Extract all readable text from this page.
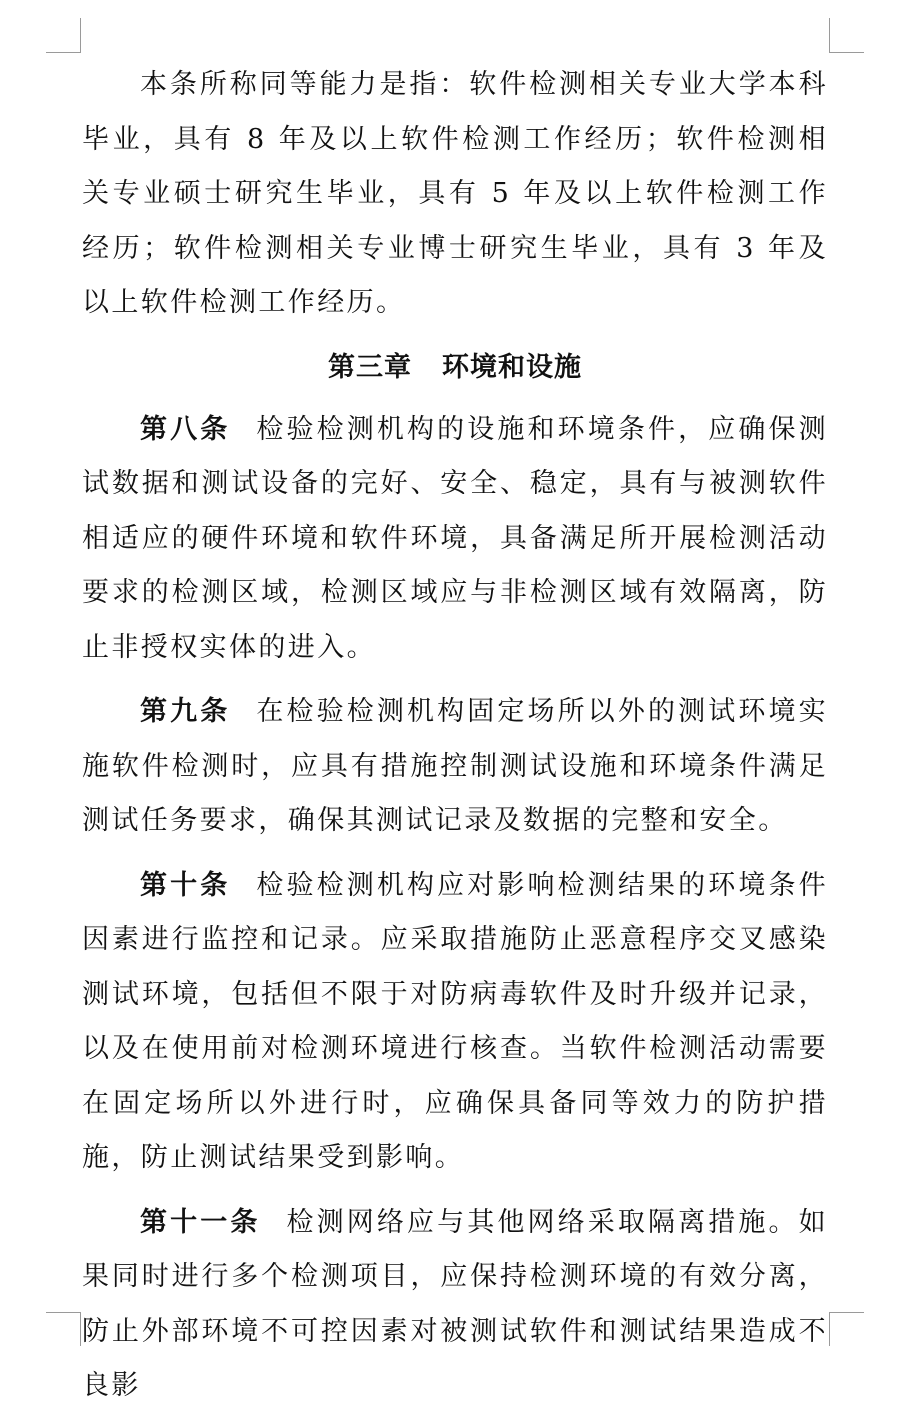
本条所称同等能力是指：软件检测相关专业大学本科毕业，具有 8 年及以上软件检测工作经历；软件检测相关专业硕士研究生毕业，具有 5 年及以上软件检测工作经历；软件检测相关专业博士研究生毕业，具有 3 年及以上软件检测工作经历。

第三章 环境和设施

第八条 检验检测机构的设施和环境条件，应确保测试数据和测试设备的完好、安全、稳定，具有与被测软件相适应的硬件环境和软件环境，具备满足所开展检测活动要求的检测区域，检测区域应与非检测区域有效隔离，防止非授权实体的进入。

第九条 在检验检测机构固定场所以外的测试环境实施软件检测时，应具有措施控制测试设施和环境条件满足测试任务要求，确保其测试记录及数据的完整和安全。

第十条 检验检测机构应对影响检测结果的环境条件因素进行监控和记录。应采取措施防止恶意程序交叉感染测试环境，包括但不限于对防病毒软件及时升级并记录，以及在使用前对检测环境进行核查。当软件检测活动需要在固定场所以外进行时，应确保具备同等效力的防护措施，防止测试结果受到影响。

第十一条 检测网络应与其他网络采取隔离措施。如果同时进行多个检测项目，应保持检测环境的有效分离，防止外部环境不可控因素对被测试软件和测试结果造成不良影
